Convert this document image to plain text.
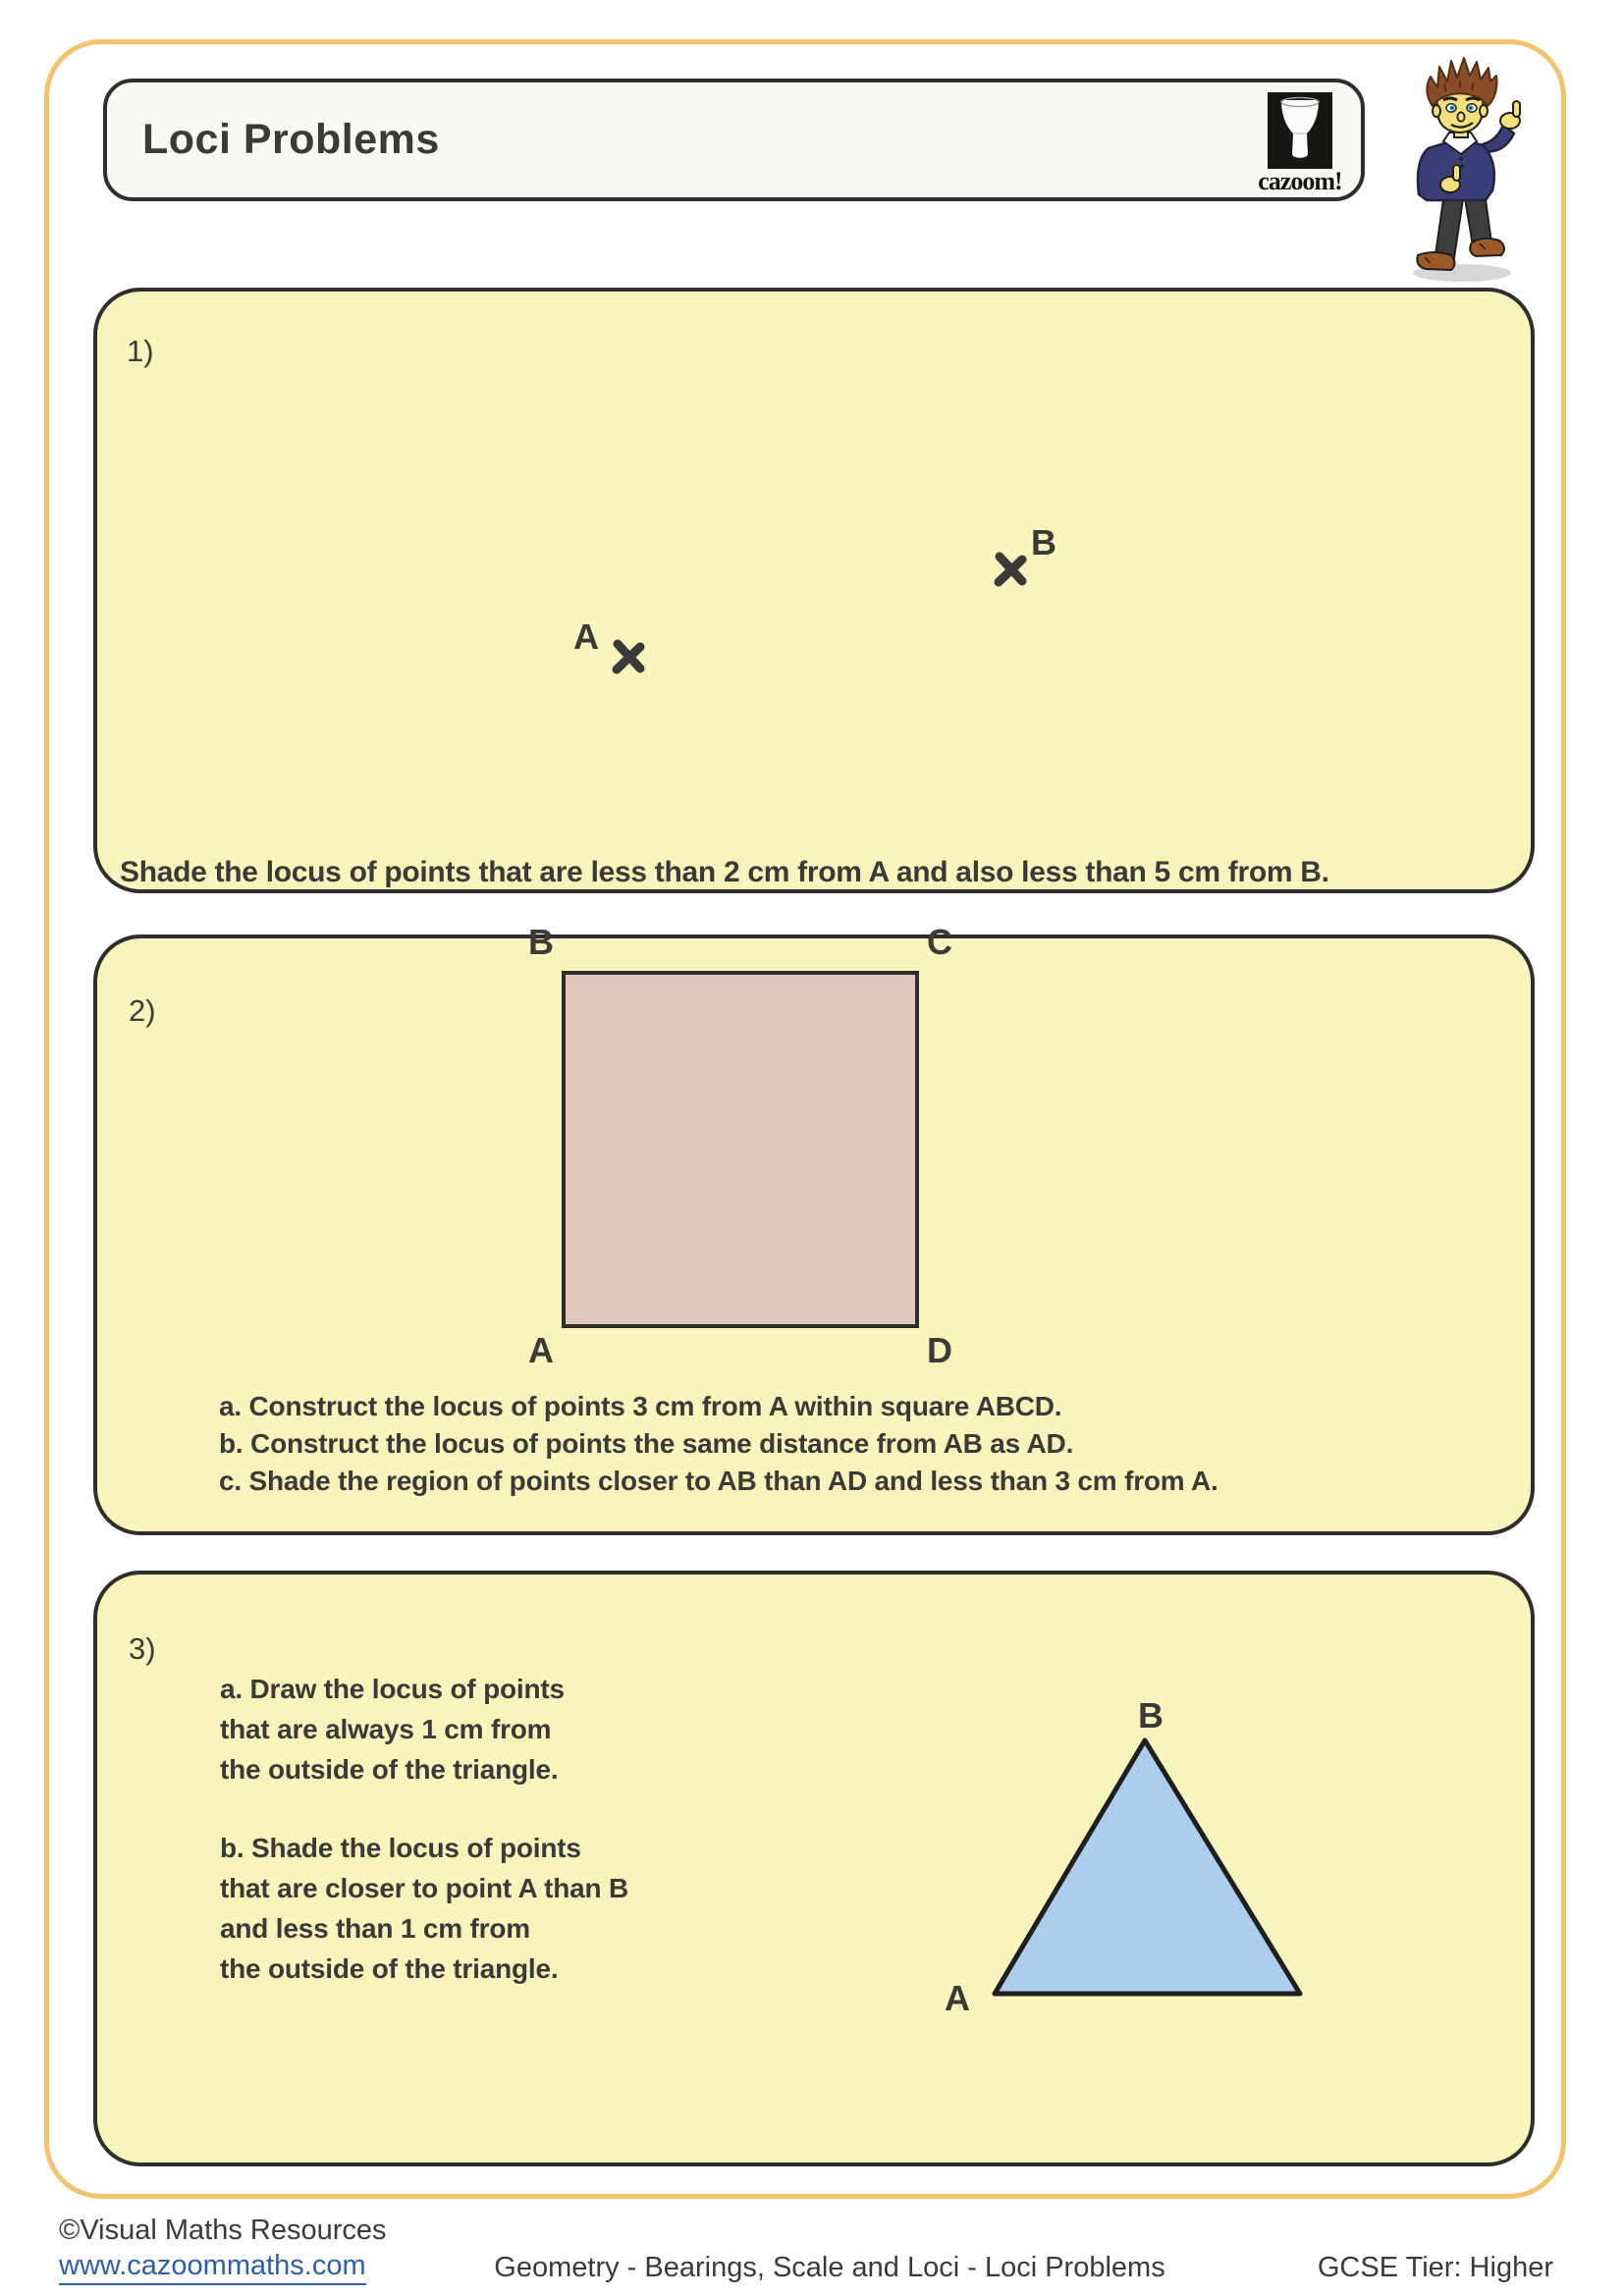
Loci Problems
cazoom!
1)
A
B

Shade the locus of points that are less than 2 cm from A and also less than 5 cm from B.

2)
B	C
A	D

a. Construct the locus of points 3 cm from A within square ABCD.

b. Construct the locus of points the same distance from AB as AD.

c. Shade the region of points closer to AB than AD and less than 3 cm from A.

3)

a. Draw the locus of points

that are always 1 cm from

the outside of the triangle.

b. Shade the locus of points

that are closer to point A than B

and less than 1 cm from

the outside of the triangle.

B
A
©Visual Maths Resources
www.cazoommaths.com	Geometry - Bearings, Scale and Loci - Loci Problems	GCSE Tier: Higher
